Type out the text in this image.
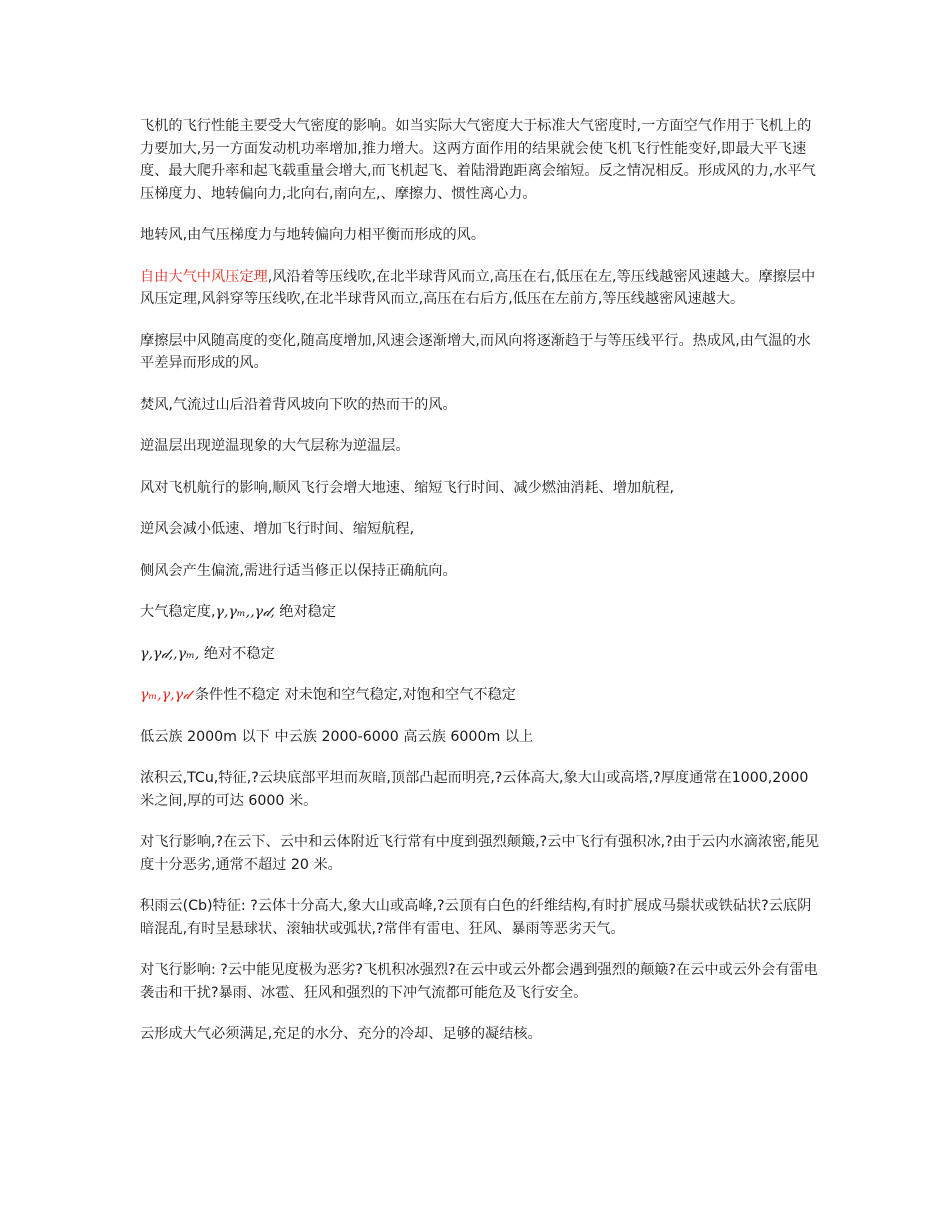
飞机的飞行性能主要受大气密度的影响。如当实际大气密度大于标准大气密度时,一方面空气作用于飞机上的力要加大,另一方面发动机功率增加,推力增大。这两方面作用的结果就会使飞机飞行性能变好,即最大平飞速度、最大爬升率和起飞载重量会增大,而飞机起飞、着陆滑跑距离会缩短。反之情况相反。形成风的力,水平气压梯度力、地转偏向力,北向右,南向左,、摩擦力、惯性离心力。

地转风,由气压梯度力与地转偏向力相平衡而形成的风。

自由大气中风压定理,风沿着等压线吹,在北半球背风而立,高压在右,低压在左,等压线越密风速越大。摩擦层中风压定理,风斜穿等压线吹,在北半球背风而立,高压在右后方,低压在左前方,等压线越密风速越大。

摩擦层中风随高度的变化,随高度增加,风速会逐渐增大,而风向将逐渐趋于与等压线平行。热成风,由气温的水平差异而形成的风。

焚风,气流过山后沿着背风坡向下吹的热而干的风。

逆温层出现逆温现象的大气层称为逆温层。

风对飞机航行的影响,顺风飞行会增大地速、缩短飞行时间、减少燃油消耗、增加航程,

逆风会减小低速、增加飞行时间、缩短航程,

侧风会产生偏流,需进行适当修正以保持正确航向。

大气稳定度,γ,γₘ,,γ𝒹, 绝对稳定

γ,γ𝒹,,γₘ, 绝对不稳定

γₘ,γ,γ𝒹 条件性不稳定 对未饱和空气稳定,对饱和空气不稳定

低云族 2000m 以下 中云族 2000-6000 高云族 6000m 以上

浓积云,TCu,特征,?云块底部平坦而灰暗,顶部凸起而明亮,?云体高大,象大山或高塔,?厚度通常在1000,2000 米之间,厚的可达 6000 米。

对飞行影响,?在云下、云中和云体附近飞行常有中度到强烈颠簸,?云中飞行有强积冰,?由于云内水滴浓密,能见度十分恶劣,通常不超过 20 米。

积雨云(Cb)特征: ?云体十分高大,象大山或高峰,?云顶有白色的纤维结构,有时扩展成马鬃状或铁砧状?云底阴暗混乱,有时呈悬球状、滚轴状或弧状,?常伴有雷电、狂风、暴雨等恶劣天气。

对飞行影响: ?云中能见度极为恶劣?飞机积冰强烈?在云中或云外都会遇到强烈的颠簸?在云中或云外会有雷电袭击和干扰?暴雨、冰雹、狂风和强烈的下冲气流都可能危及飞行安全。

云形成大气必须满足,充足的水分、充分的冷却、足够的凝结核。
